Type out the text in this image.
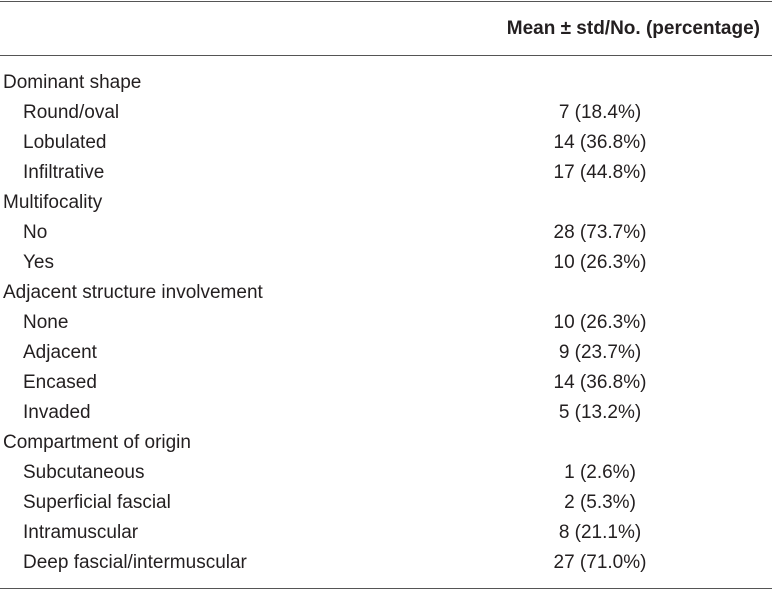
Mean ± std/No. (percentage)
Dominant shape
Round/oval	7 (18.4%)
Lobulated	14 (36.8%)
Infiltrative	17 (44.8%)
Multifocality
No	28 (73.7%)
Yes	10 (26.3%)
Adjacent structure involvement
None	10 (26.3%)
Adjacent	9 (23.7%)
Encased	14 (36.8%)
Invaded	5 (13.2%)
Compartment of origin
Subcutaneous	1 (2.6%)
Superficial fascial	2 (5.3%)
Intramuscular	8 (21.1%)
Deep fascial/intermuscular	27 (71.0%)
